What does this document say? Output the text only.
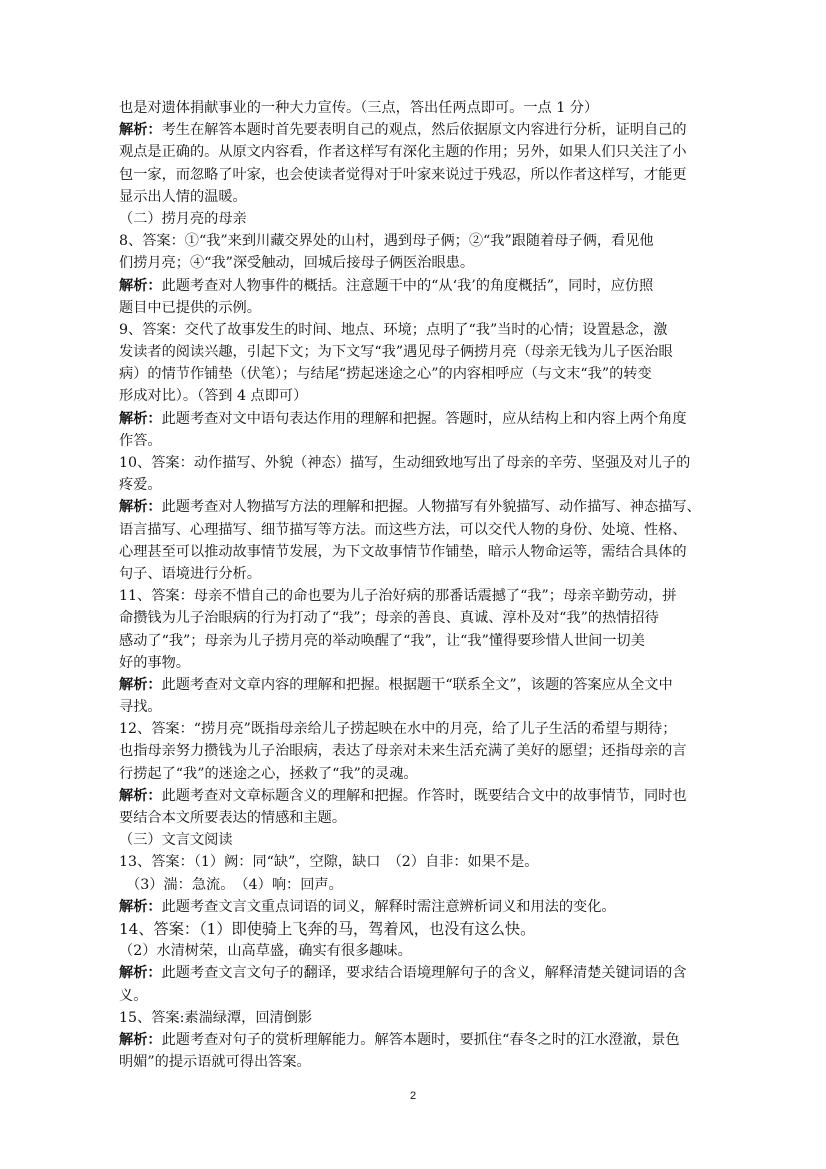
也是对遗体捐献事业的一种大力宣传。（三点，答出任两点即可。一点 1 分）
解析：考生在解答本题时首先要表明自己的观点，然后依据原文内容进行分析，证明自己的
观点是正确的。从原文内容看，作者这样写有深化主题的作用；另外，如果人们只关注了小
包一家，而忽略了叶家，也会使读者觉得对于叶家来说过于残忍，所以作者这样写，才能更
显示出人情的温暖。
（二）捞月亮的母亲
8、答案：①“我”来到川藏交界处的山村，遇到母子俩；②“我”跟随着母子俩，看见他
们捞月亮；④“我”深受触动，回城后接母子俩医治眼患。
解析：此题考查对人物事件的概括。注意题干中的“从‘我’的角度概括”，同时，应仿照
题目中已提供的示例。
9、答案：交代了故事发生的时间、地点、环境；点明了“我”当时的心情；设置悬念，激
发读者的阅读兴趣，引起下文；为下文写“我”遇见母子俩捞月亮（母亲无钱为儿子医治眼
病）的情节作铺垫（伏笔）；与结尾“捞起迷途之心”的内容相呼应（与文末“我”的转变
形成对比）。（答到 4 点即可）
解析：此题考查对文中语句表达作用的理解和把握。答题时，应从结构上和内容上两个角度
作答。
10、答案：动作描写、外貌（神态）描写，生动细致地写出了母亲的辛劳、坚强及对儿子的
疼爱。
解析：此题考查对人物描写方法的理解和把握。人物描写有外貌描写、动作描写、神态描写、
语言描写、心理描写、细节描写等方法。而这些方法，可以交代人物的身份、处境、性格、
心理甚至可以推动故事情节发展，为下文故事情节作铺垫，暗示人物命运等，需结合具体的
句子、语境进行分析。
11、答案：母亲不惜自己的命也要为儿子治好病的那番话震撼了“我”；母亲辛勤劳动，拼
命攒钱为儿子治眼病的行为打动了“我”；母亲的善良、真诚、淳朴及对“我”的热情招待
感动了“我”；母亲为儿子捞月亮的举动唤醒了“我”，让“我”懂得要珍惜人世间一切美
好的事物。
解析：此题考查对文章内容的理解和把握。根据题干“联系全文”，该题的答案应从全文中
寻找。
12、答案：“捞月亮”既指母亲给儿子捞起映在水中的月亮，给了儿子生活的希望与期待；
也指母亲努力攒钱为儿子治眼病，表达了母亲对未来生活充满了美好的愿望；还指母亲的言
行捞起了“我”的迷途之心，拯救了“我”的灵魂。
解析：此题考查对文章标题含义的理解和把握。作答时，既要结合文中的故事情节，同时也
要结合本文所要表达的情感和主题。
（三）文言文阅读
13、答案：（1）阙：同“缺”，空隙，缺口　（2）自非：如果不是。
　（3）湍：急流。　（4）响：回声。
解析：此题考查文言文重点词语的词义，解释时需注意辨析词义和用法的变化。
14、答案：（1）即使骑上飞奔的马，驾着风，也没有这么快。
（2）水清树荣，山高草盛，确实有很多趣味。
解析：此题考查文言文句子的翻译，要求结合语境理解句子的含义，解释清楚关键词语的含
义。
15、答案:素湍绿潭，回清倒影
解析：此题考查对句子的赏析理解能力。解答本题时，要抓住“春冬之时的江水澄澈，景色
明媚”的提示语就可得出答案。
2
